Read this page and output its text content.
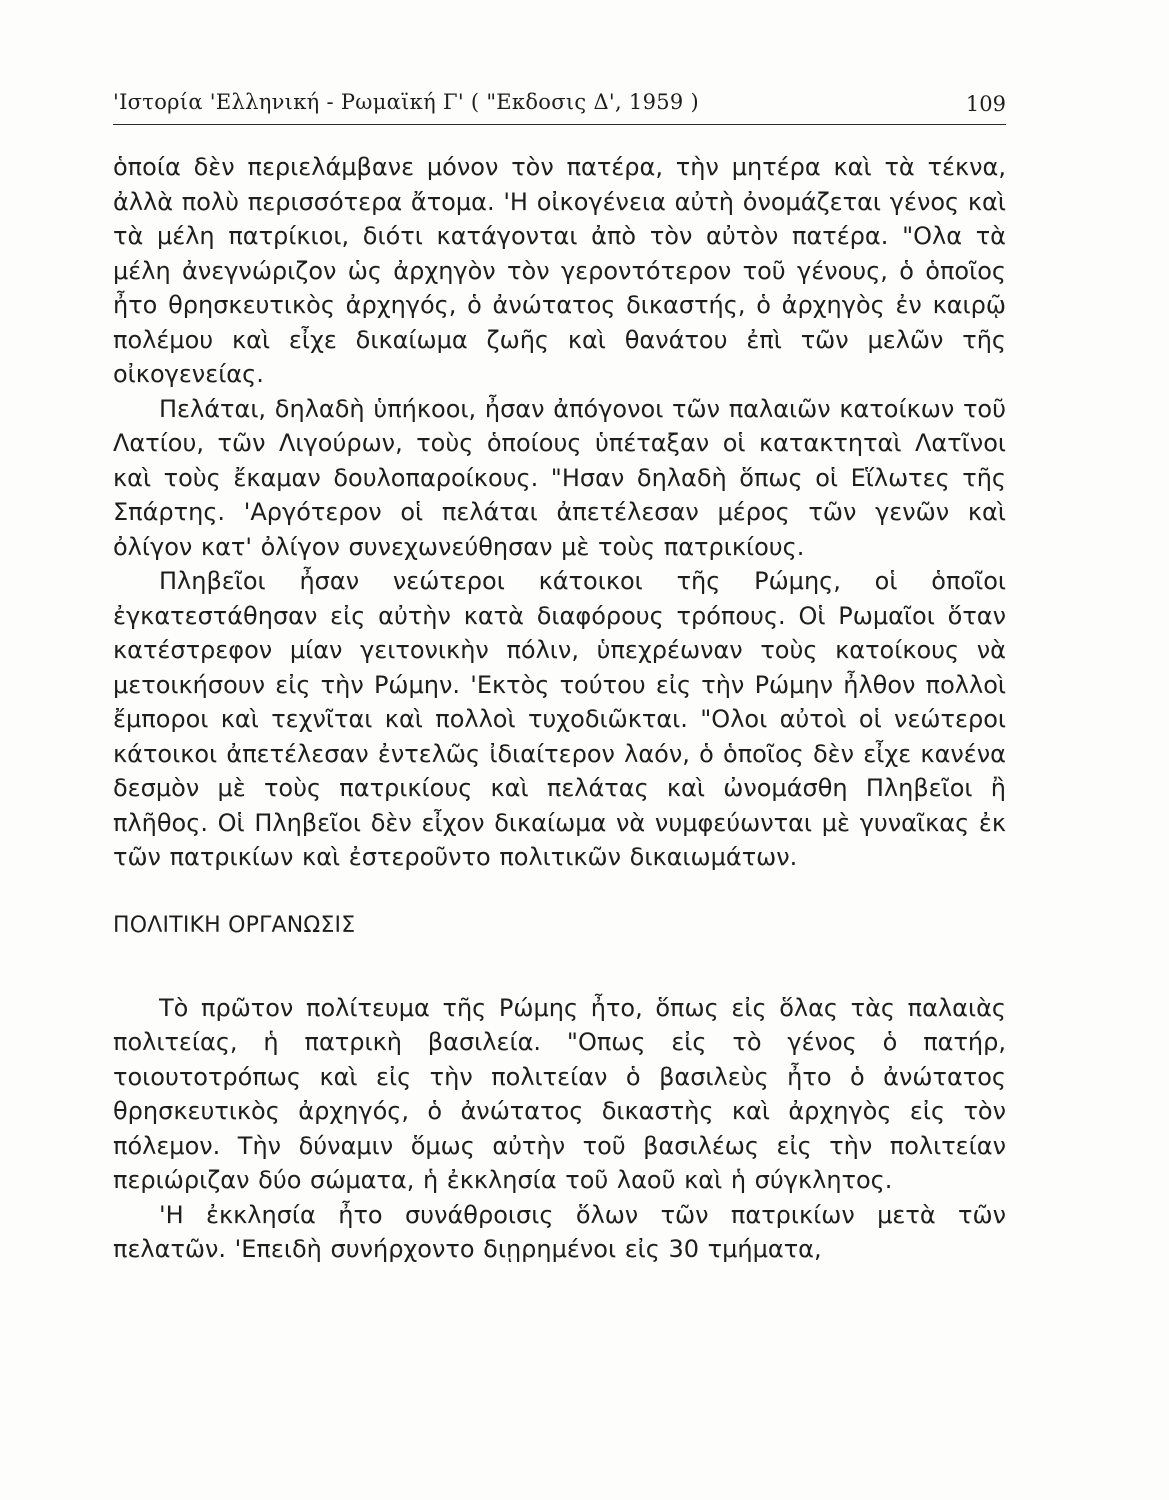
'Ιστορία 'Ελληνική - Ρωμαϊκή Γ' ( "Εκδοσις Δ', 1959 )	109

ὁποία δὲν περιελάμβανε μόνον τὸν πατέρα, τὴν μητέρα καὶ τὰ τέκνα, ἀλλὰ πολὺ περισσότερα ἄτομα. 'Η οἰκογένεια αὐτὴ ὀνομάζεται γένος καὶ τὰ μέλη πατρίκιοι, διότι κατάγονται ἀπὸ τὸν αὐτὸν πατέρα. "Ολα τὰ μέλη ἀνεγνώριζον ὡς ἀρχηγὸν τὸν γεροντότερον τοῦ γένους, ὁ ὁποῖος ἦτο θρησκευτικὸς ἀρχηγός, ὁ ἀνώτατος δικαστής, ὁ ἀρχηγὸς ἐν καιρῷ πολέμου καὶ εἶχε δικαίωμα ζωῆς καὶ θανάτου ἐπὶ τῶν μελῶν τῆς οἰκογενείας.

Πελάται, δηλαδὴ ὑπήκοοι, ἦσαν ἀπόγονοι τῶν παλαιῶν κατοίκων τοῦ Λατίου, τῶν Λιγούρων, τοὺς ὁποίους ὑπέταξαν οἱ κατακτηταὶ Λατῖνοι καὶ τοὺς ἔκαμαν δουλοπαροίκους. "Ησαν δηλαδὴ ὅπως οἱ Εἵλωτες τῆς Σπάρτης. 'Αργότερον οἱ πελάται ἀπετέλεσαν μέρος τῶν γενῶν καὶ ὀλίγον κατ' ὀλίγον συνεχωνεύθησαν μὲ τοὺς πατρικίους.

Πληβεῖοι ἦσαν νεώτεροι κάτοικοι τῆς Ρώμης, οἱ ὁποῖοι ἐγκατεστάθησαν εἰς αὐτὴν κατὰ διαφόρους τρόπους. Οἱ Ρωμαῖοι ὅταν κατέστρεφον μίαν γειτονικὴν πόλιν, ὑπεχρέωναν τοὺς κατοίκους νὰ μετοικήσουν εἰς τὴν Ρώμην. 'Εκτὸς τούτου εἰς τὴν Ρώμην ἦλθον πολλοὶ ἔμποροι καὶ τεχνῖται καὶ πολλοὶ τυχοδιῶκται. "Ολοι αὐτοὶ οἱ νεώτεροι κάτοικοι ἀπετέλεσαν ἐντελῶς ἰδιαίτερον λαόν, ὁ ὁποῖος δὲν εἶχε κανένα δεσμὸν μὲ τοὺς πατρικίους καὶ πελάτας καὶ ὠνομάσθη Πληβεῖοι ἢ πλῆθος. Οἱ Πληβεῖοι δὲν εἶχον δικαίωμα νὰ νυμφεύωνται μὲ γυναῖκας ἐκ τῶν πατρικίων καὶ ἐστεροῦντο πολιτικῶν δικαιωμάτων.

ΠΟΛΙΤΙΚΗ ΟΡΓΑΝΩΣΙΣ

Τὸ πρῶτον πολίτευμα τῆς Ρώμης ἦτο, ὅπως εἰς ὅλας τὰς παλαιὰς πολιτείας, ἡ πατρικὴ βασιλεία. "Οπως εἰς τὸ γένος ὁ πατήρ, τοιουτοτρόπως καὶ εἰς τὴν πολιτείαν ὁ βασιλεὺς ἦτο ὁ ἀνώτατος θρησκευτικὸς ἀρχηγός, ὁ ἀνώτατος δικαστὴς καὶ ἀρχηγὸς εἰς τὸν πόλεμον. Τὴν δύναμιν ὅμως αὐτὴν τοῦ βασιλέως εἰς τὴν πολιτείαν περιώριζαν δύο σώματα, ἡ ἐκκλησία τοῦ λαοῦ καὶ ἡ σύγκλητος.

'Η ἐκκλησία ἦτο συνάθροισις ὅλων τῶν πατρικίων μετὰ τῶν πελατῶν. 'Επειδὴ συνήρχοντο διῃρημένοι εἰς 30 τμήματα,
